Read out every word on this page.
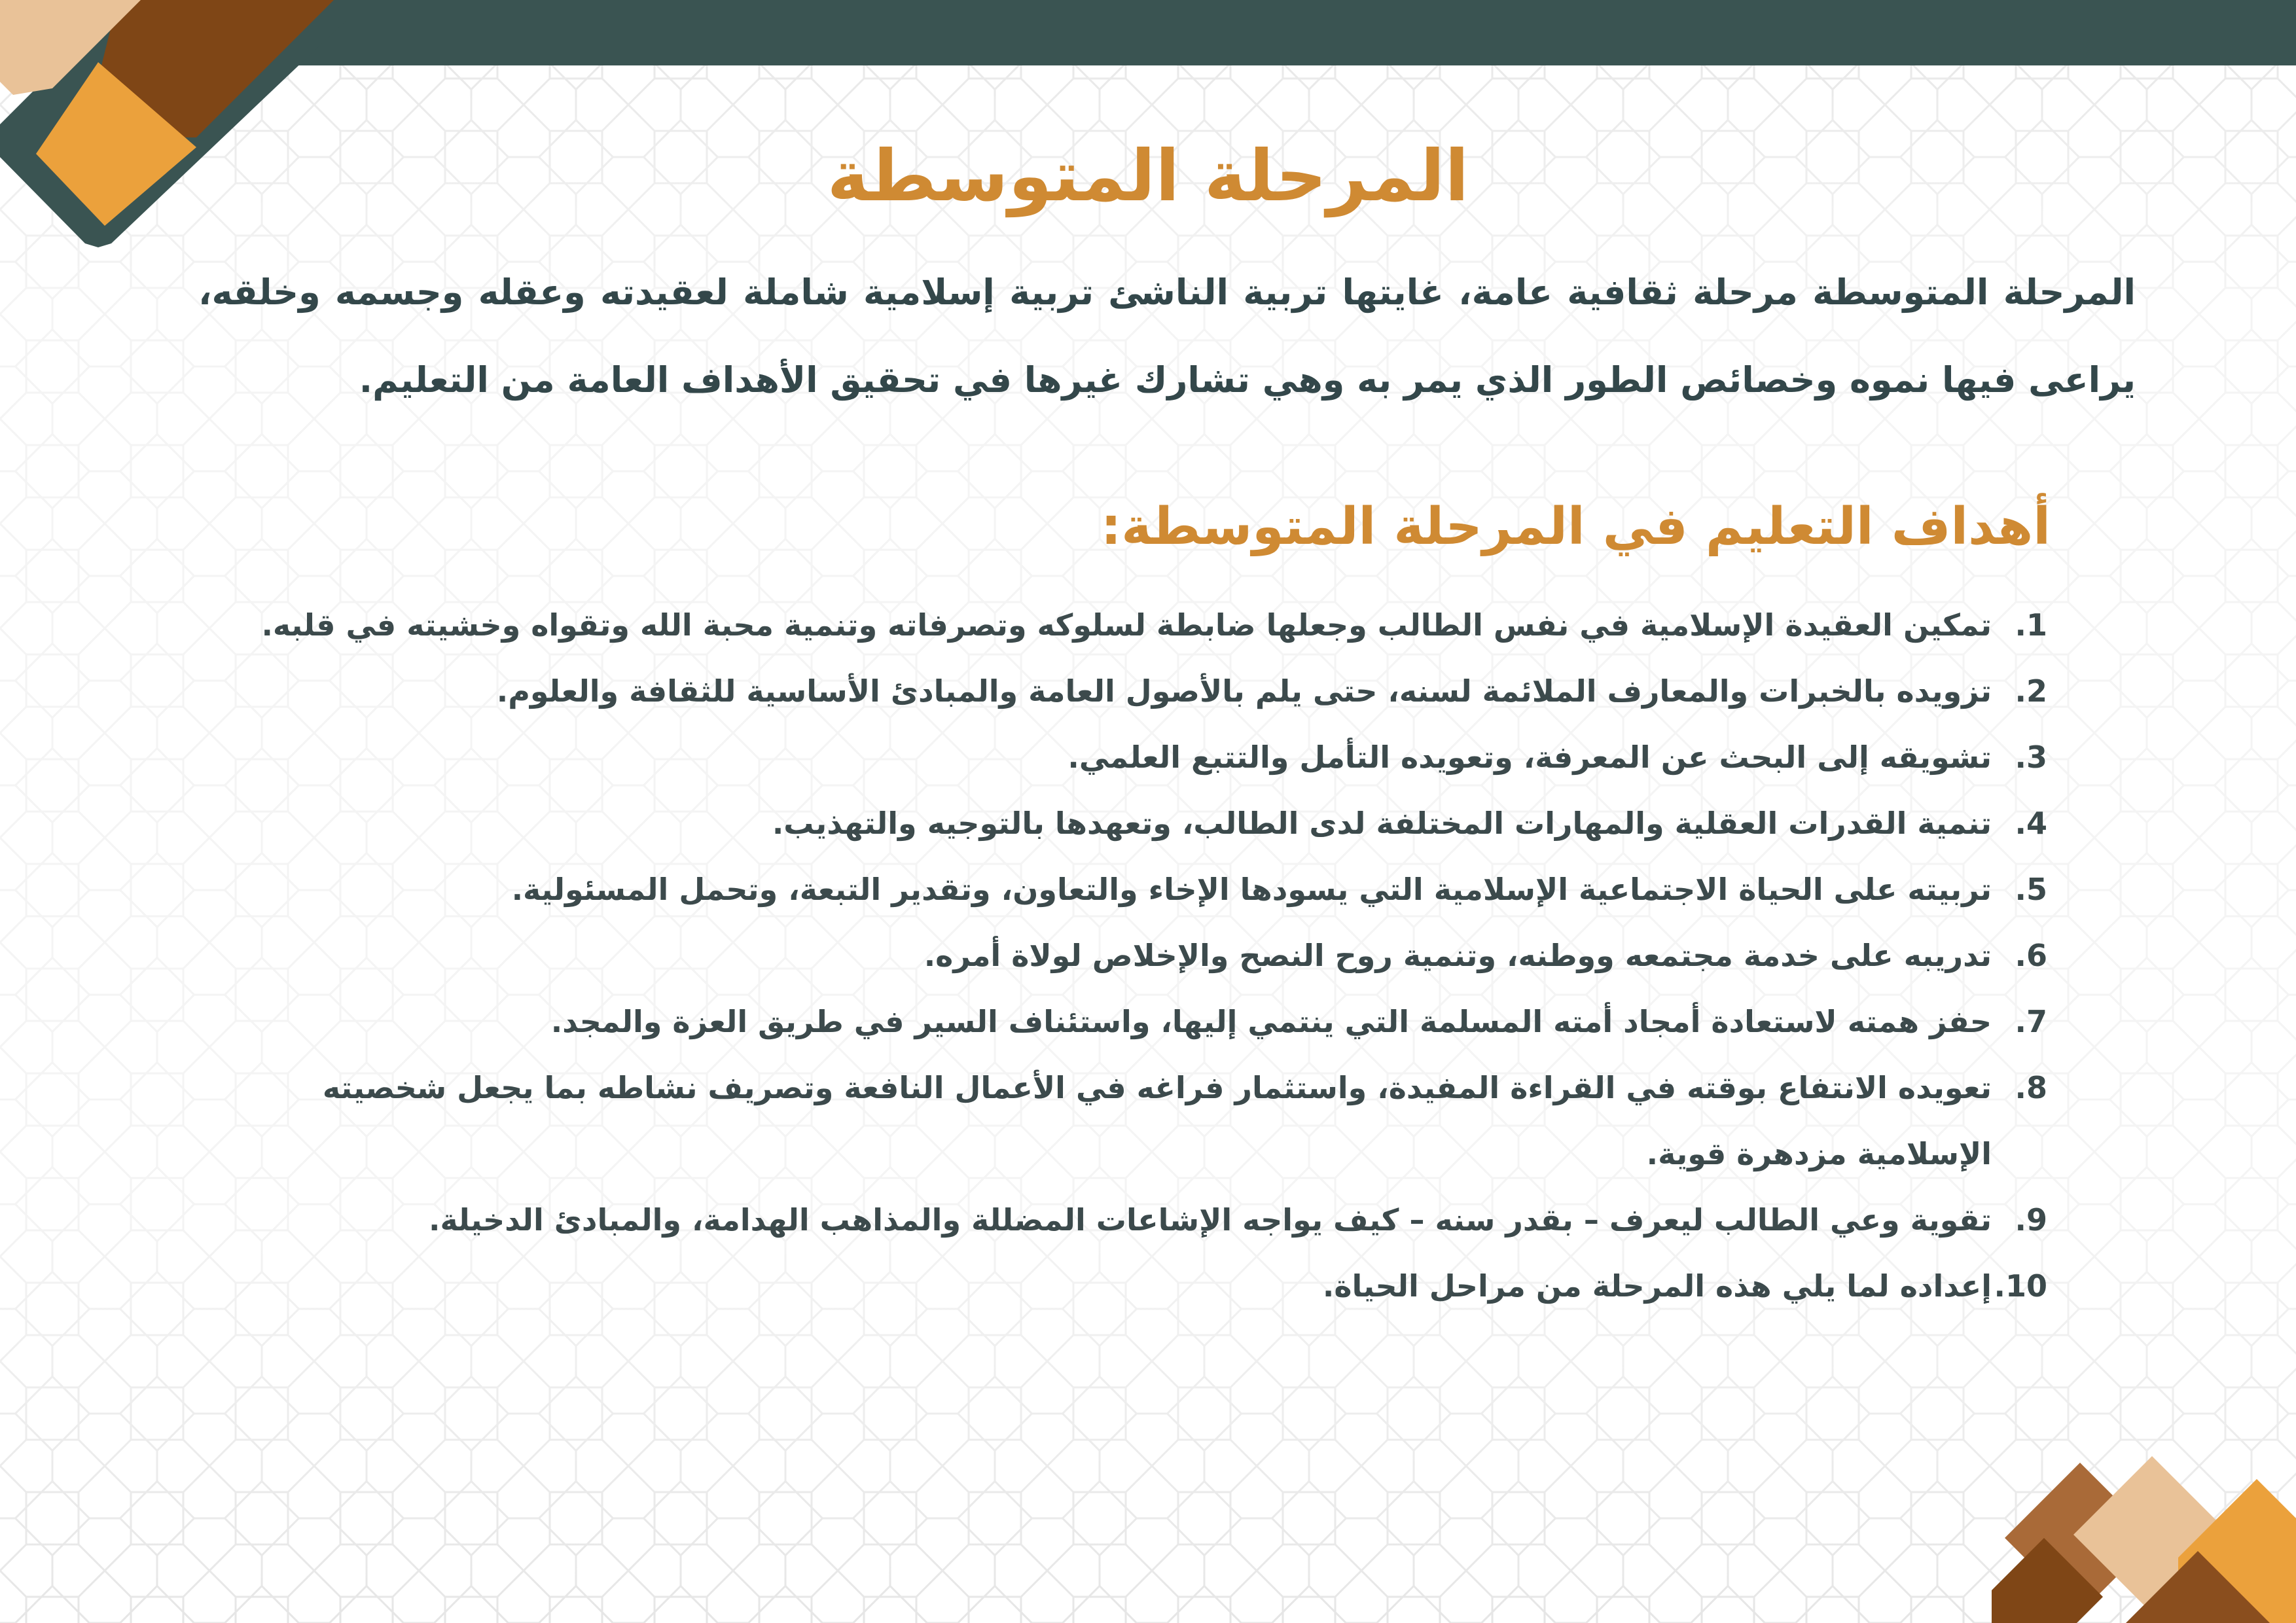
المرحلة المتوسطة

المرحلة المتوسطة مرحلة ثقافية عامة، غايتها تربية الناشئ تربية إسلامية شاملة لعقيدته وعقله وجسمه وخلقه، يراعى فيها نموه وخصائص الطور الذي يمر به وهي تشارك غيرها في تحقيق الأهداف العامة من التعليم.

أهداف التعليم في المرحلة المتوسطة:
1.
تمكين العقيدة الإسلامية في نفس الطالب وجعلها ضابطة لسلوكه وتصرفاته وتنمية محبة الله وتقواه وخشيته في قلبه.
2.
تزويده بالخبرات والمعارف الملائمة لسنه، حتى يلم بالأصول العامة والمبادئ الأساسية للثقافة والعلوم.
3.
تشويقه إلى البحث عن المعرفة، وتعويده التأمل والتتبع العلمي.
4.
تنمية القدرات العقلية والمهارات المختلفة لدى الطالب، وتعهدها بالتوجيه والتهذيب.
5.
تربيته على الحياة الاجتماعية الإسلامية التي يسودها الإخاء والتعاون، وتقدير التبعة، وتحمل المسئولية.
6.
تدريبه على خدمة مجتمعه ووطنه، وتنمية روح النصح والإخلاص لولاة أمره.
7.
حفز همته لاستعادة أمجاد أمته المسلمة التي ينتمي إليها، واستئناف السير في طريق العزة والمجد.
8.
تعويده الانتفاع بوقته في القراءة المفيدة، واستثمار فراغه في الأعمال النافعة وتصريف نشاطه بما يجعل شخصيته الإسلامية مزدهرة قوية.
9.
تقوية وعي الطالب ليعرف – بقدر سنه – كيف يواجه الإشاعات المضللة والمذاهب الهدامة، والمبادئ الدخيلة.
10.
إعداده لما يلي هذه المرحلة من مراحل الحياة.
